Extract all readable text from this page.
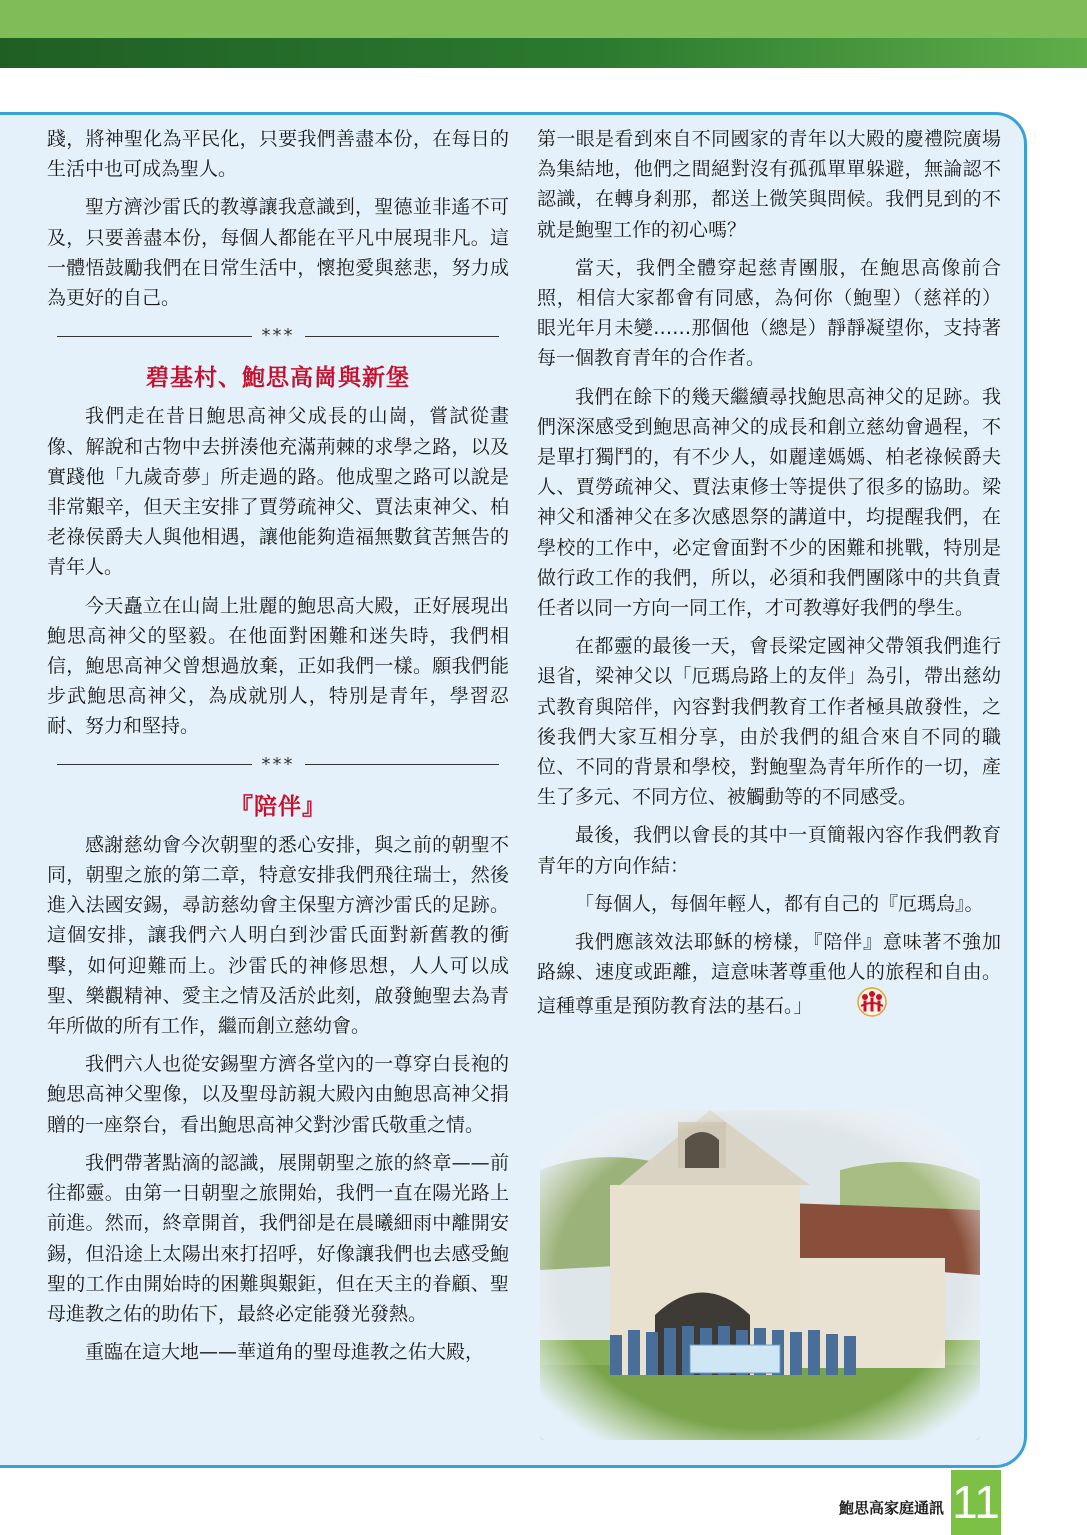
踐，將神聖化為平民化，只要我們善盡本份，在每日的生活中也可成為聖人。

聖方濟沙雷氏的教導讓我意識到，聖德並非遙不可及，只要善盡本份，每個人都能在平凡中展現非凡。這一體悟鼓勵我們在日常生活中，懷抱愛與慈悲，努力成為更好的自己。

***
碧基村、鮑思高崗與新堡

我們走在昔日鮑思高神父成長的山崗，嘗試從畫像、解說和古物中去拼湊他充滿荊棘的求學之路，以及實踐他「九歲奇夢」所走過的路。他成聖之路可以說是非常艱辛，但天主安排了賈勞疏神父、賈法東神父、柏老祿侯爵夫人與他相遇，讓他能夠造福無數貧苦無告的青年人。

今天矗立在山崗上壯麗的鮑思高大殿，正好展現出鮑思高神父的堅毅。在他面對困難和迷失時，我們相信，鮑思高神父曾想過放棄，正如我們一樣。願我們能步武鮑思高神父，為成就別人，特別是青年，學習忍耐、努力和堅持。

***
『陪伴』

感謝慈幼會今次朝聖的悉心安排，與之前的朝聖不同，朝聖之旅的第二章，特意安排我們飛往瑞士，然後進入法國安錫，尋訪慈幼會主保聖方濟沙雷氏的足跡。這個安排，讓我們六人明白到沙雷氏面對新舊教的衝擊，如何迎難而上。沙雷氏的神修思想，人人可以成聖、樂觀精神、愛主之情及活於此刻，啟發鮑聖去為青年所做的所有工作，繼而創立慈幼會。

我們六人也從安錫聖方濟各堂內的一尊穿白長袍的鮑思高神父聖像，以及聖母訪親大殿內由鮑思高神父捐贈的一座祭台，看出鮑思高神父對沙雷氏敬重之情。

我們帶著點滴的認識，展開朝聖之旅的終章——前往都靈。由第一日朝聖之旅開始，我們一直在陽光路上前進。然而，終章開首，我們卻是在晨曦細雨中離開安錫，但沿途上太陽出來打招呼，好像讓我們也去感受鮑聖的工作由開始時的困難與艱鉅，但在天主的眷顧、聖母進教之佑的助佑下，最終必定能發光發熱。

重臨在這大地——華道角的聖母進教之佑大殿，

第一眼是看到來自不同國家的青年以大殿的慶禮院廣場為集結地，他們之間絕對沒有孤孤單單躲避，無論認不認識，在轉身剎那，都送上微笑與問候。我們見到的不就是鮑聖工作的初心嗎？

當天，我們全體穿起慈青團服，在鮑思高像前合照，相信大家都會有同感，為何你（鮑聖）（慈祥的）眼光年月未變……那個他（總是）靜靜凝望你，支持著每一個教育青年的合作者。

我們在餘下的幾天繼續尋找鮑思高神父的足跡。我們深深感受到鮑思高神父的成長和創立慈幼會過程，不是單打獨鬥的，有不少人，如麗達媽媽、柏老祿候爵夫人、賈勞疏神父、賈法東修士等提供了很多的協助。梁神父和潘神父在多次感恩祭的講道中，均提醒我們，在學校的工作中，必定會面對不少的困難和挑戰，特別是做行政工作的我們，所以，必須和我們團隊中的共負責任者以同一方向一同工作，才可教導好我們的學生。

在都靈的最後一天，會長梁定國神父帶領我們進行退省，梁神父以「厄瑪烏路上的友伴」為引，帶出慈幼式教育與陪伴，內容對我們教育工作者極具啟發性，之後我們大家互相分享，由於我們的組合來自不同的職位、不同的背景和學校，對鮑聖為青年所作的一切，產生了多元、不同方位、被觸動等的不同感受。

最後，我們以會長的其中一頁簡報內容作我們教育青年的方向作結：

「每個人，每個年輕人，都有自己的『厄瑪烏』。

我們應該效法耶穌的榜樣，『陪伴』意味著不強加路線、速度或距離，這意味著尊重他人的旅程和自由。這種尊重是預防教育法的基石。」

鮑思高家庭通訊 11
